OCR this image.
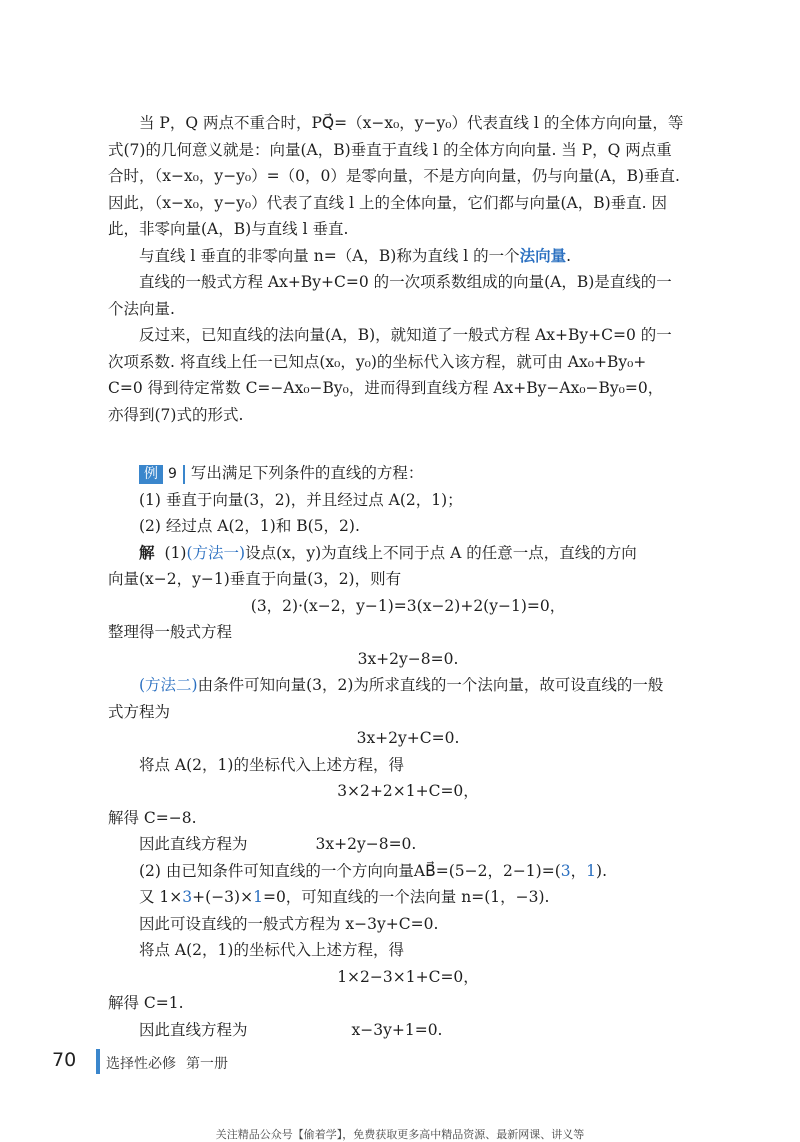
当 P，Q 两点不重合时，PQ⃗=（x−x₀，y−y₀）代表直线 l 的全体方向向量，等
式(7)的几何意义就是：向量(A，B)垂直于直线 l 的全体方向向量. 当 P，Q 两点重
合时，（x−x₀，y−y₀）=（0，0）是零向量，不是方向向量，仍与向量(A，B)垂直.
因此，（x−x₀，y−y₀）代表了直线 l 上的全体向量，它们都与向量(A，B)垂直. 因
此，非零向量(A，B)与直线 l 垂直.
与直线 l 垂直的非零向量 n=（A，B)称为直线 l 的一个法向量.
直线的一般式方程 Ax+By+C=0 的一次项系数组成的向量(A，B)是直线的一
个法向量.
反过来，已知直线的法向量(A，B)，就知道了一般式方程 Ax+By+C=0 的一
次项系数. 将直线上任一已知点(x₀，y₀)的坐标代入该方程，就可由 Ax₀+By₀+
C=0 得到待定常数 C=−Ax₀−By₀，进而得到直线方程 Ax+By−Ax₀−By₀=0，
亦得到(7)式的形式.
例 9 写出满足下列条件的直线的方程：
(1) 垂直于向量(3，2)，并且经过点 A(2，1)；
(2) 经过点 A(2，1)和 B(5，2).
解 (1)(方法一)设点(x，y)为直线上不同于点 A 的任意一点，直线的方向
向量(x−2，y−1)垂直于向量(3，2)，则有
(3，2)·(x−2，y−1)=3(x−2)+2(y−1)=0，
整理得一般式方程
3x+2y−8=0.
(方法二)由条件可知向量(3，2)为所求直线的一个法向量，故可设直线的一般
式方程为
3x+2y+C=0.
将点 A(2，1)的坐标代入上述方程，得
3×2+2×1+C=0，
解得 C=−8.
因此直线方程为	3x+2y−8=0.
(2) 由已知条件可知直线的一个方向向量AB⃗=(5−2，2−1)=(3，1).
又 1×3+(−3)×1=0，可知直线的一个法向量 n=(1，−3).
因此可设直线的一般式方程为 x−3y+C=0.
将点 A(2，1)的坐标代入上述方程，得
1×2−3×1+C=0，
解得 C=1.
因此直线方程为	x−3y+1=0.
70 选择性必修 第一册
关注精品公众号【偷着学】，免费获取更多高中精品资源、最新网课、讲义等
